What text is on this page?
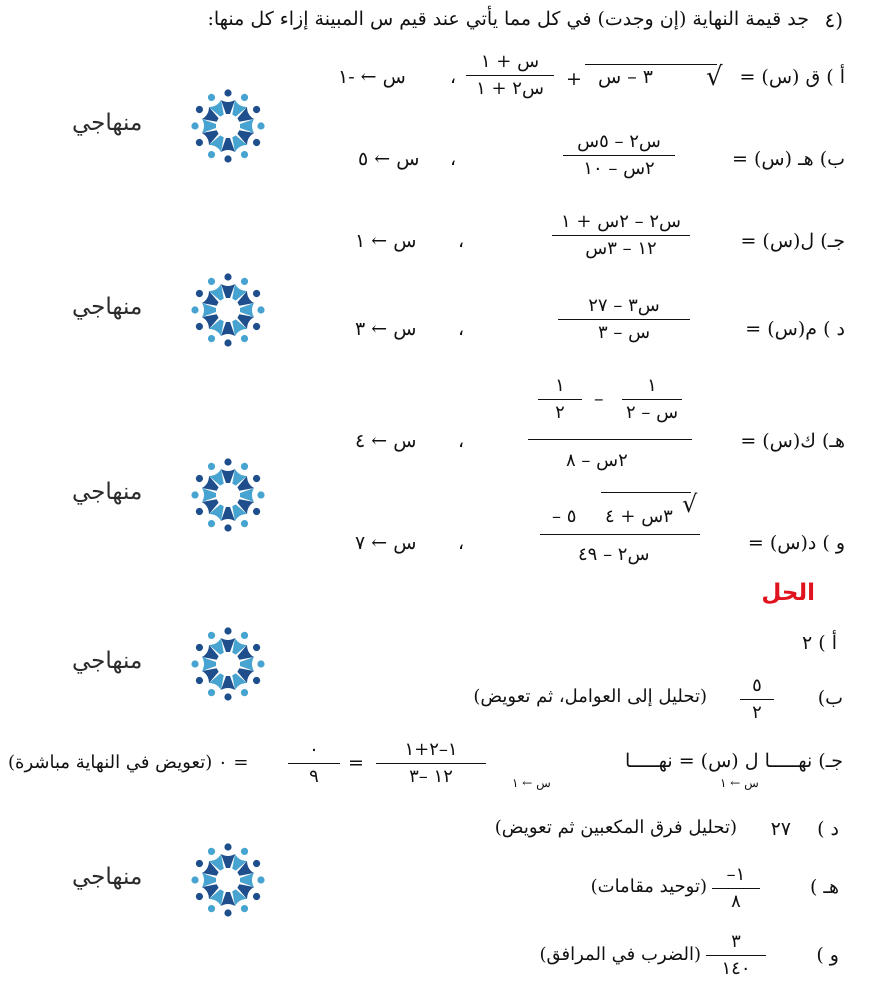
٤)
جد قيمة النهاية (إن وجدت) في كل مما يأتي عند قيم س المبينة إزاء كل منها:
أ ) ق (س) =
√
٣ – س
+
س + ١
س٢ + ١
،
س ← -١
ب) هـ (س) =
س٢ – ٥س
٢س – ١٠
،
س ← ٥
جـ) ل(س) =
س٢ – ٢س + ١
١٢ – ٣س
،
س ← ١
د ) م(س) =
س٣ – ٢٧
س – ٣
،
س ← ٣
هـ) ك(س) =
١
س – ٢
–
١
٢
٢س – ٨
،
س ← ٤
و ) د(س) =
√
٣س + ٤
– ٥
س٢ – ٤٩
،
س ← ٧
الحل
أ ) ٢
ب)
٥
٢
(تحليل إلى العوامل، ثم تعويض)
جـ) نهـــــا ل (س) = نهـــــا
س ← ١
س ← ١
١–٢+١
١٢ –٣
=
٠
٩
= ٠ (تعويض في النهاية مباشرة)
د )
٢٧
(تحليل فرق المكعبين ثم تعويض)
هـ )
–١
٨
(توحيد مقامات)
و )
٣
١٤٠
(الضرب في المرافق)
منهاجي
منهاجي
منهاجي
منهاجي
منهاجي
